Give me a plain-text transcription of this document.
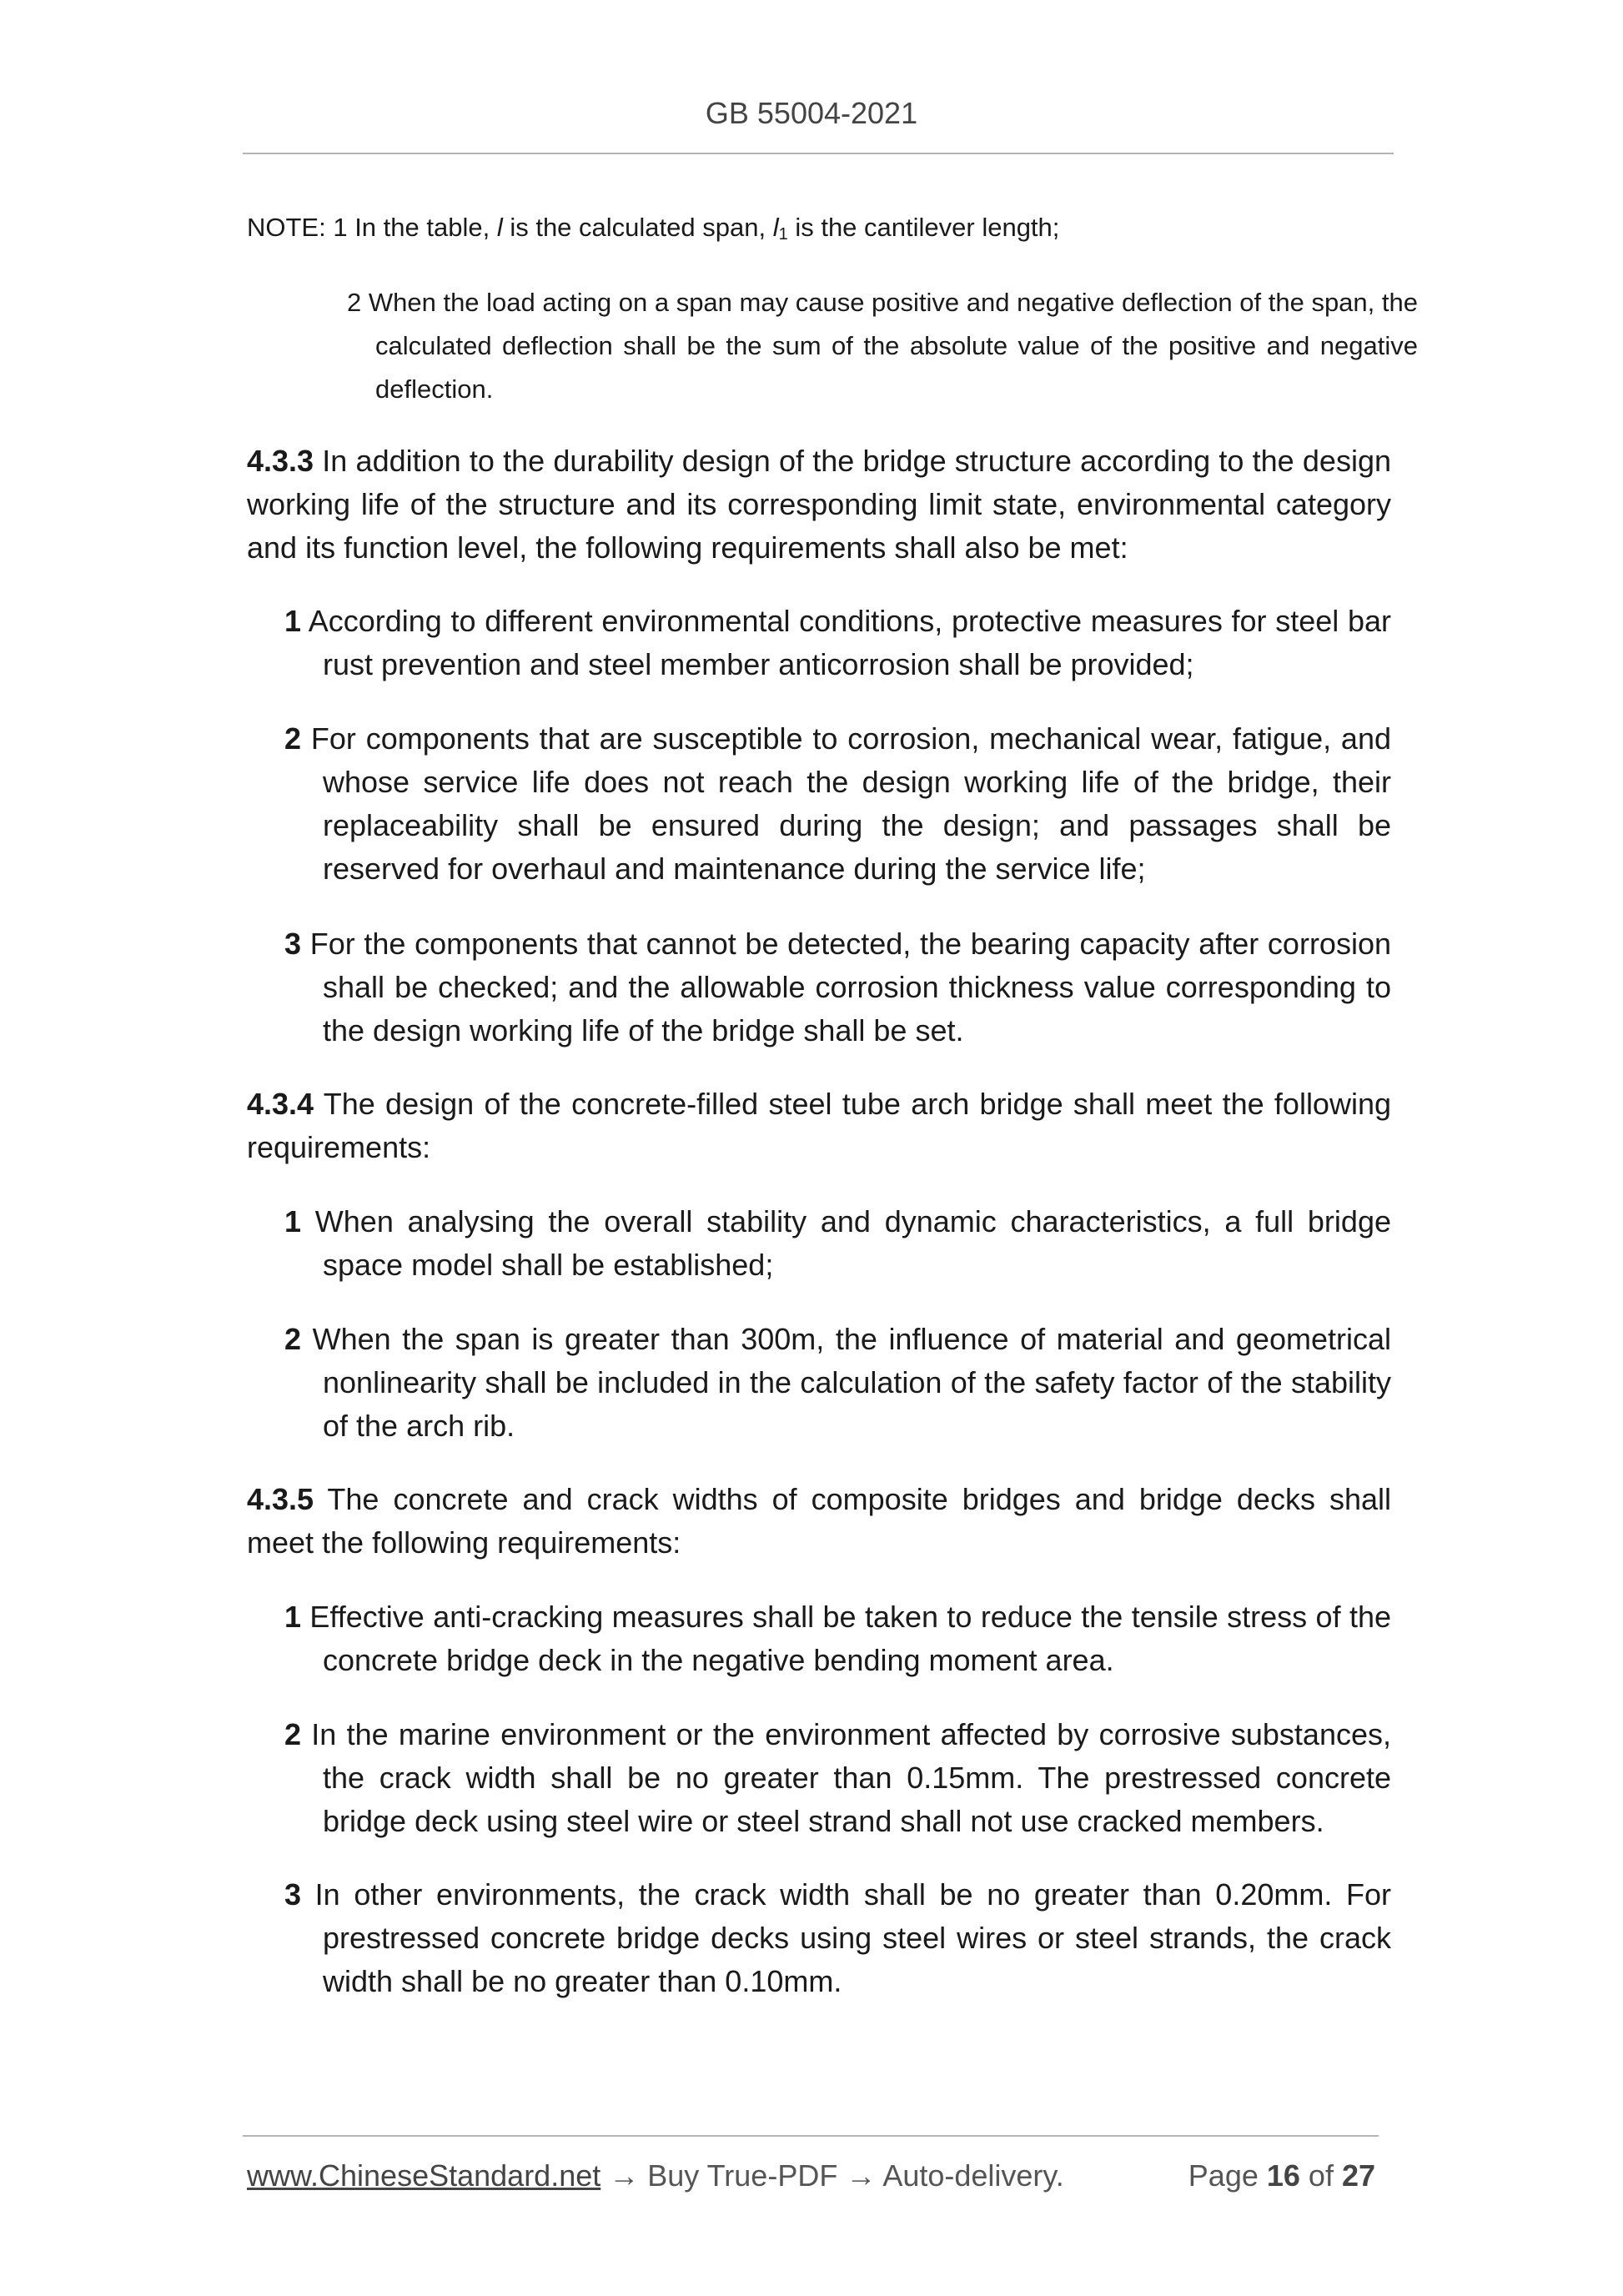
GB 55004-2021
NOTE: 1 In the table, l is the calculated span, $l_1$ is the cantilever length;
2 When the load acting on a span may cause positive and negative deflection of the span, the calculated deflection shall be the sum of the absolute value of the positive and negative deflection.
4.3.3 In addition to the durability design of the bridge structure according to the design working life of the structure and its corresponding limit state, environmental category and its function level, the following requirements shall also be met:
1 According to different environmental conditions, protective measures for steel bar rust prevention and steel member anticorrosion shall be provided;
2 For components that are susceptible to corrosion, mechanical wear, fatigue, and whose service life does not reach the design working life of the bridge, their replaceability shall be ensured during the design; and passages shall be reserved for overhaul and maintenance during the service life;
3 For the components that cannot be detected, the bearing capacity after corrosion shall be checked; and the allowable corrosion thickness value corresponding to the design working life of the bridge shall be set.
4.3.4 The design of the concrete-filled steel tube arch bridge shall meet the following requirements:
1 When analysing the overall stability and dynamic characteristics, a full bridge space model shall be established;
2 When the span is greater than 300m, the influence of material and geometrical nonlinearity shall be included in the calculation of the safety factor of the stability of the arch rib.
4.3.5 The concrete and crack widths of composite bridges and bridge decks shall meet the following requirements:
1 Effective anti-cracking measures shall be taken to reduce the tensile stress of the concrete bridge deck in the negative bending moment area.
2 In the marine environment or the environment affected by corrosive substances, the crack width shall be no greater than 0.15mm. The prestressed concrete bridge deck using steel wire or steel strand shall not use cracked members.
3 In other environments, the crack width shall be no greater than 0.20mm. For prestressed concrete bridge decks using steel wires or steel strands, the crack width shall be no greater than 0.10mm.
www.ChineseStandard.net → Buy True-PDF → Auto-delivery.	Page 16 of 27
